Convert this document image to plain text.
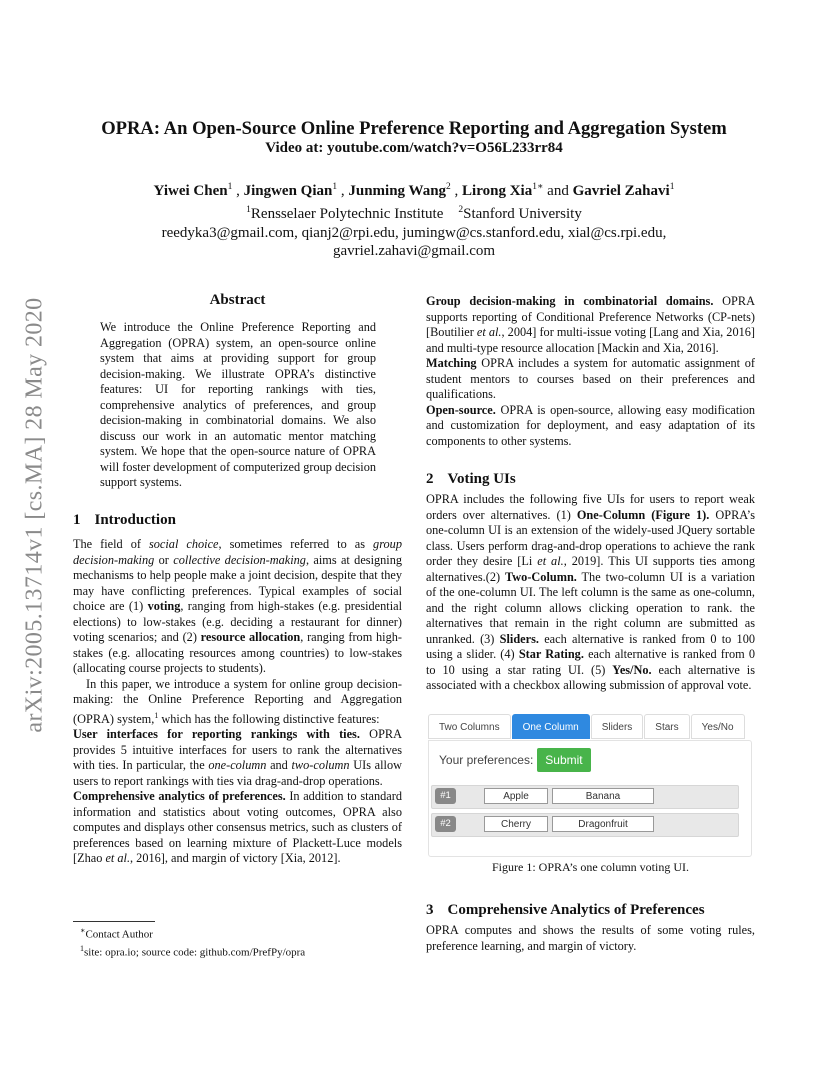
arXiv:2005.13714v1 [cs.MA] 28 May 2020
OPRA: An Open-Source Online Preference Reporting and Aggregation System
Video at: youtube.com/watch?v=O56L233rr84
Yiwei Chen$^1$ , Jingwen Qian$^1$ , Junming Wang$^2$ , Lirong Xia$^{1∗}$ and Gavriel Zahavi$^1$
$^1$Rensselaer Polytechnic Institute $^2$Stanford University
reedyka3@gmail.com, qianj2@rpi.edu, jumingw@cs.stanford.edu, xial@cs.rpi.edu,
gavriel.zahavi@gmail.com
Abstract
We introduce the Online Preference Reporting and Aggregation (OPRA) system, an open-source online system that aims at providing support for group decision-making. We illustrate OPRA’s distinctive features: UI for reporting rankings with ties, comprehensive analytics of preferences, and group decision-making in combinatorial domains. We also discuss our work in an automatic mentor matching system. We hope that the open-source nature of OPRA will foster development of computerized group decision support systems.
1 Introduction
The field of social choice, sometimes referred to as group decision-making or collective decision-making, aims at designing mechanisms to help people make a joint decision, despite that they may have conflicting preferences. Typical examples of social choice are (1) voting, ranging from high-stakes (e.g. presidential elections) to low-stakes (e.g. deciding a restaurant for dinner) voting scenarios; and (2) resource allocation, ranging from high-stakes (e.g. allocating resources among countries) to low-stakes (allocating course projects to students).
In this paper, we introduce a system for online group decision-making: the Online Preference Reporting and Aggregation (OPRA) system,$^1$ which has the following distinctive features:
User interfaces for reporting rankings with ties. OPRA provides 5 intuitive interfaces for users to rank the alternatives with ties. In particular, the one-column and two-column UIs allow users to report rankings with ties via drag-and-drop operations.
Comprehensive analytics of preferences. In addition to standard information and statistics about voting outcomes, OPRA also computes and displays other consensus metrics, such as clusters of preferences based on learning mixture of Plackett-Luce models [Zhao et al., 2016], and margin of victory [Xia, 2012].
∗Contact Author
$^1$site: opra.io; source code: github.com/PrefPy/opra
Group decision-making in combinatorial domains. OPRA supports reporting of Conditional Preference Networks (CP-nets) [Boutilier et al., 2004] for multi-issue voting [Lang and Xia, 2016] and multi-type resource allocation [Mackin and Xia, 2016].
Matching OPRA includes a system for automatic assignment of student mentors to courses based on their preferences and qualifications.
Open-source. OPRA is open-source, allowing easy modification and customization for deployment, and easy adaptation of its components to other systems.
2 Voting UIs
OPRA includes the following five UIs for users to report weak orders over alternatives. (1) One-Column (Figure 1). OPRA’s one-column UI is an extension of the widely-used JQuery sortable class. Users perform drag-and-drop operations to achieve the rank order they desire [Li et al., 2019]. This UI supports ties among alternatives.(2) Two-Column. The two-column UI is a variation of the one-column UI. The left column is the same as one-column, and the right column allows clicking operation to rank. the alternatives that remain in the right column are submitted as unranked. (3) Sliders. each alternative is ranked from 0 to 100 using a slider. (4) Star Rating. each alternative is ranked from 0 to 10 using a star rating UI. (5) Yes/No. each alternative is associated with a checkbox allowing submission of approval vote.
Two Columns	One Column	Sliders	Stars	Yes/No
Your preferences:	Submit
#1	Apple	Banana
#2	Cherry	Dragonfruit
Figure 1: OPRA’s one column voting UI.
3 Comprehensive Analytics of Preferences
OPRA computes and shows the results of some voting rules, preference learning, and margin of victory.
